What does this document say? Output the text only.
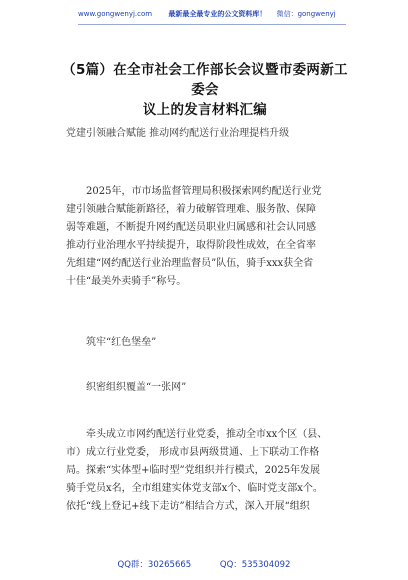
www.gongwenyj.com 最新最全最专业的公文资料库！ 微信：gongwenyj
（5篇）在全市社会工作部长会议暨市委两新工委会
议上的发言材料汇编
党建引领融合赋能 推动网约配送行业治理提档升级
2025年，市市场监督管理局积极探索网约配送行业党
建引领融合赋能新路径，着力破解管理难、服务散、保障
弱等难题，不断提升网约配送员职业归属感和社会认同感
推动行业治理水平持续提升，取得阶段性成效，在全省率
先组建“网约配送行业治理监督员”队伍，骑手xxx获全省
十佳“最美外卖骑手”称号。
筑牢“红色堡垒”
织密组织覆盖“一张网”
牵头成立市网约配送行业党委，推动全市xx个区（县、
市）成立行业党委， 形成市县两级贯通、上下联动工作格
局。探索“实体型+临时型”党组织并行模式，2025年发展
骑手党员x名，全市组建实体党支部x个、临时党支部x个。
依托“线上登记+线下走访”相结合方式，深入开展“组织
QQ群：30265665	QQ：535304092
